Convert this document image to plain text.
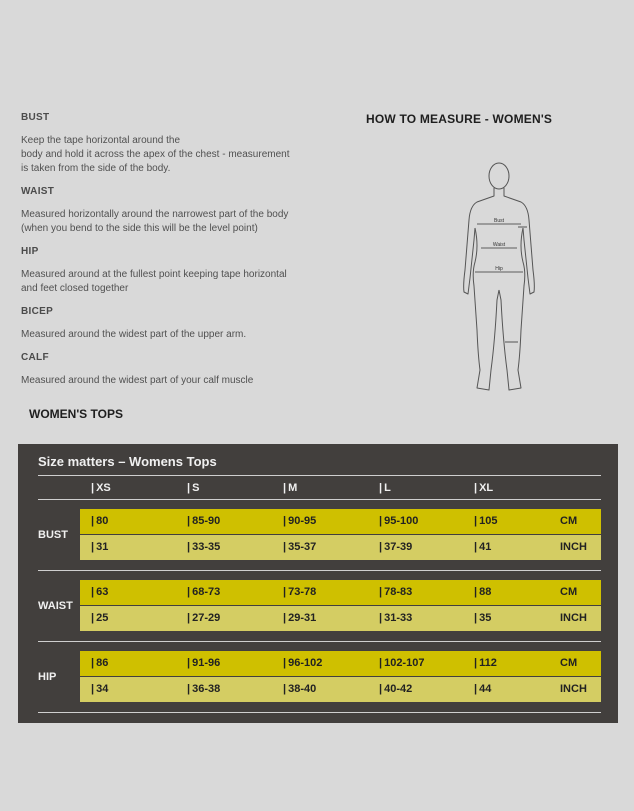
BUST
Keep the tape horizontal around the
body and hold it across the apex of the chest - measurement
is taken from the side of the body.
WAIST
Measured horizontally around the narrowest part of the body
(when you bend to the side this will be the level point)
HIP
Measured around at the fullest point keeping tape horizontal
and feet closed together
BICEP
Measured around the widest part of the upper arm.
CALF
Measured around the widest part of your calf muscle
HOW TO MEASURE - WOMEN'S
Bust
Waist
Hip
WOMEN'S TOPS
Size matters – Womens Tops
| XS	| S	| M	| L	| XL
BUST
| 80	| 85-90	| 90-95	| 95-100	| 105	CM
| 31	| 33-35	| 35-37	| 37-39	| 41	INCH
WAIST
| 63	| 68-73	| 73-78	| 78-83	| 88	CM
| 25	| 27-29	| 29-31	| 31-33	| 35	INCH
HIP
| 86	| 91-96	| 96-102	| 102-107	| 112	CM
| 34	| 36-38	| 38-40	| 40-42	| 44	INCH
